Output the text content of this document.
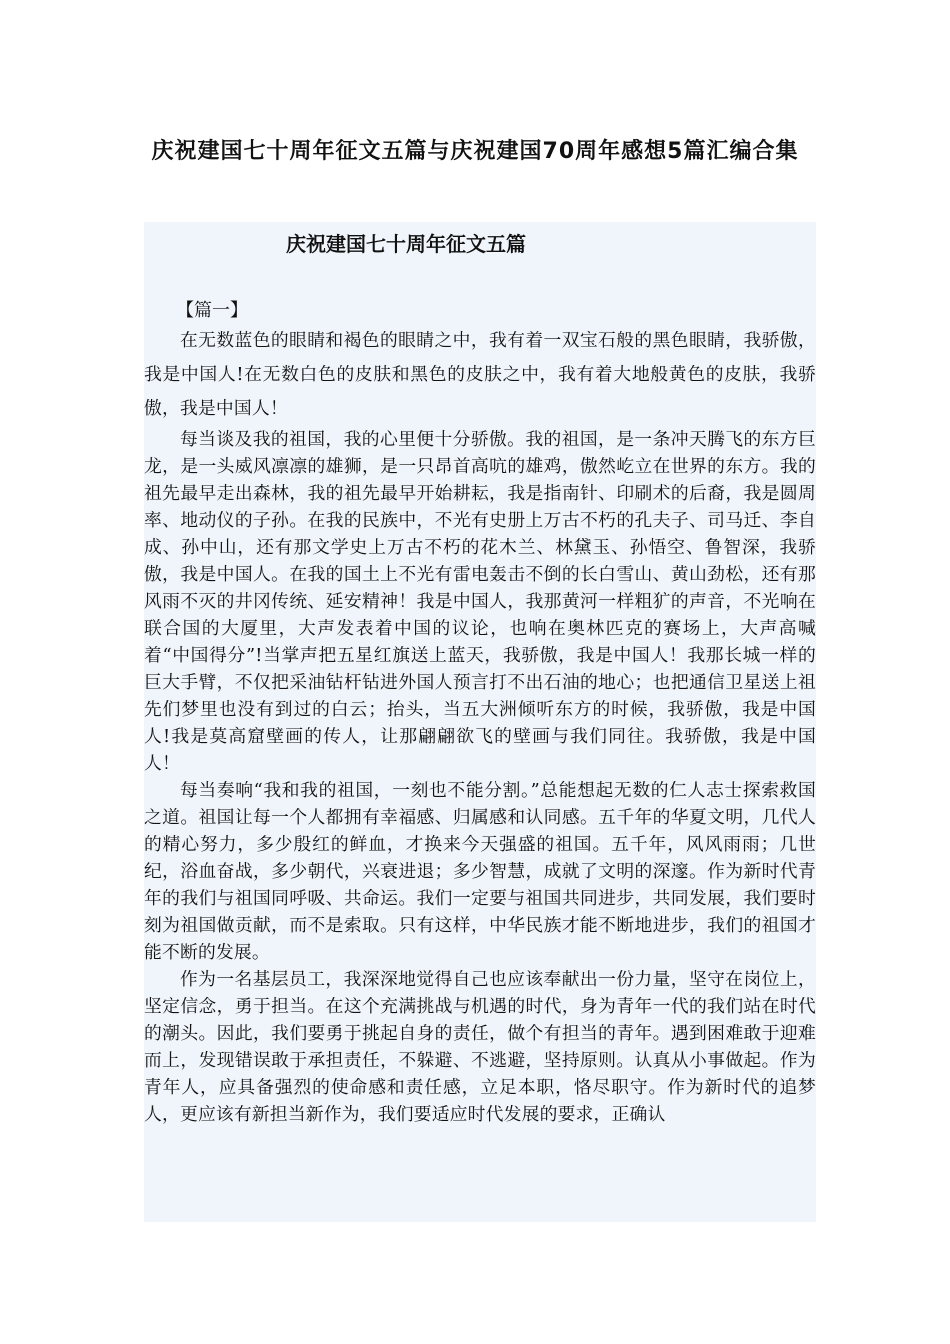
庆祝建国七十周年征文五篇与庆祝建国70周年感想5篇汇编合集
庆祝建国七十周年征文五篇

【篇一】

在无数蓝色的眼睛和褐色的眼睛之中，我有着一双宝石般的黑色眼睛，我骄傲，我是中国人!在无数白色的皮肤和黑色的皮肤之中，我有着大地般黄色的皮肤，我骄傲，我是中国人！

每当谈及我的祖国，我的心里便十分骄傲。我的祖国，是一条冲天腾飞的东方巨龙，是一头威风凛凛的雄狮，是一只昂首高吭的雄鸡，傲然屹立在世界的东方。我的祖先最早走出森林，我的祖先最早开始耕耘，我是指南针、印刷术的后裔，我是圆周率、地动仪的子孙。在我的民族中，不光有史册上万古不朽的孔夫子、司马迁、李自成、孙中山，还有那文学史上万古不朽的花木兰、林黛玉、孙悟空、鲁智深，我骄傲，我是中国人。在我的国土上不光有雷电轰击不倒的长白雪山、黄山劲松，还有那风雨不灭的井冈传统、延安精神！我是中国人，我那黄河一样粗犷的声音，不光响在联合国的大厦里，大声发表着中国的议论，也响在奥林匹克的赛场上，大声高喊着“中国得分”!当掌声把五星红旗送上蓝天，我骄傲，我是中国人！我那长城一样的巨大手臂，不仅把采油钻杆钻进外国人预言打不出石油的地心；也把通信卫星送上祖先们梦里也没有到过的白云；抬头，当五大洲倾听东方的时候，我骄傲，我是中国人!我是莫高窟壁画的传人，让那翩翩欲飞的壁画与我们同往。我骄傲，我是中国人！

每当奏响“我和我的祖国，一刻也不能分割。”总能想起无数的仁人志士探索救国之道。祖国让每一个人都拥有幸福感、归属感和认同感。五千年的华夏文明，几代人的精心努力，多少殷红的鲜血，才换来今天强盛的祖国。五千年，风风雨雨；几世纪，浴血奋战，多少朝代，兴衰进退；多少智慧，成就了文明的深邃。作为新时代青年的我们与祖国同呼吸、共命运。我们一定要与祖国共同进步，共同发展，我们要时刻为祖国做贡献，而不是索取。只有这样，中华民族才能不断地进步，我们的祖国才能不断的发展。

作为一名基层员工，我深深地觉得自己也应该奉献出一份力量，坚守在岗位上，坚定信念，勇于担当。在这个充满挑战与机遇的时代，身为青年一代的我们站在时代的潮头。因此，我们要勇于挑起自身的责任，做个有担当的青年。遇到困难敢于迎难而上，发现错误敢于承担责任，不躲避、不逃避，坚持原则。认真从小事做起。作为青年人，应具备强烈的使命感和责任感，立足本职，恪尽职守。作为新时代的追梦人，更应该有新担当新作为，我们要适应时代发展的要求，正确认
